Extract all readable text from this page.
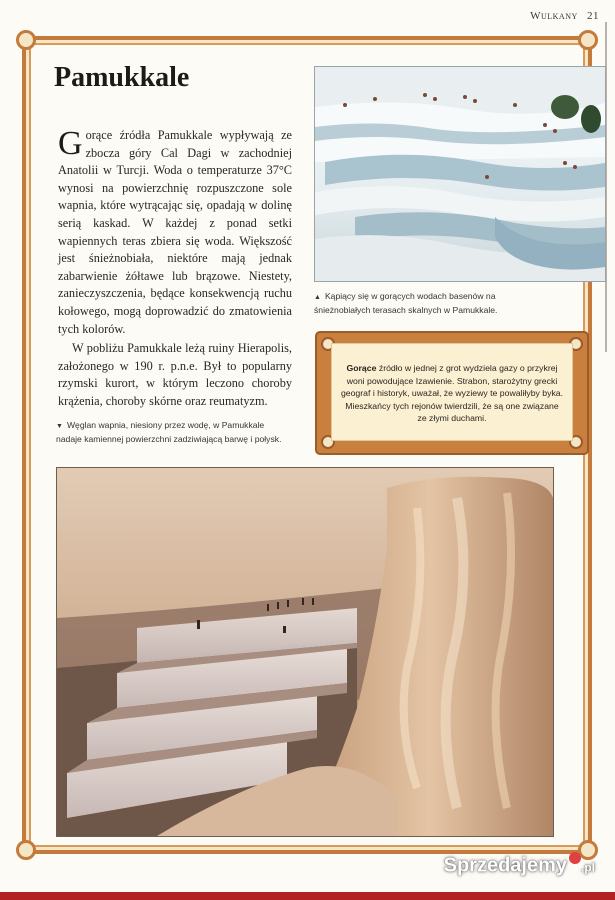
Wulkany 21
Pamukkale

Gorące źródła Pamukkale wypływają ze zbocza góry Cal Dagi w zachodniej Anatolii w Turcji. Woda o temperaturze 37°C wynosi na powierzchnię rozpuszczone sole wapnia, które wytrącając się, opadają w dolinę serią kaskad. W każdej z ponad setki wapiennych teras zbiera się woda. Większość jest śnieżnobiała, niektóre mają jednak zabarwienie żółtawe lub brązowe. Niestety, zanieczyszczenia, będące konsekwencją ruchu kołowego, mogą doprowadzić do zmatowienia tych kolorów.

W pobliżu Pamukkale leżą ruiny Hierapolis, założonego w 190 r. p.n.e. Był to popularny rzymski kurort, w którym leczono choroby krążenia, choroby skórne oraz reumatyzm.

▲ Kąpiący się w gorących wodach basenów na śnieżnobiałych terasach skalnych w Pamukkale.
Gorące źródło w jednej z grot wydziela gazy o przykrej woni powodujące Izawienie. Strabon, starożytny grecki geograf i historyk, uważał, że wyziewy te powaliłyby byka. Mieszkańcy tych rejonów twierdzili, że są one związane ze złymi duchami.
▼ Węglan wapnia, niesiony przez wodę, w Pamukkale nadaje kamiennej powierzchni zadziwiającą barwę i połysk.
Sprzedajemy .pl
